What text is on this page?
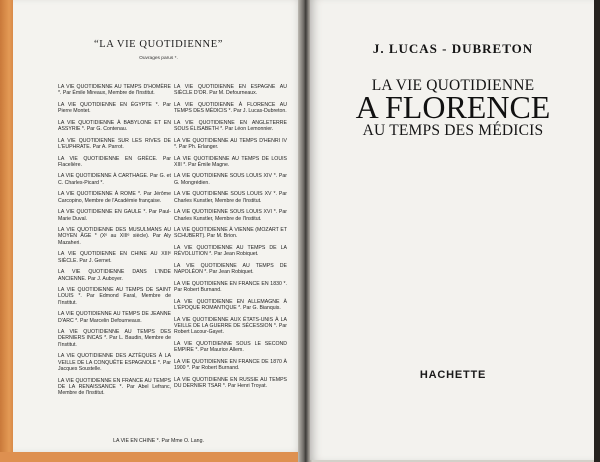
“LA VIE QUOTIDIENNE”
Ouvrages parus *.
LA VIE QUOTIDIENNE AU TEMPS D'HOMÈRE *. Par Émile Mireaux, Membre de l'Institut.
LA VIE QUOTIDIENNE EN ÉGYPTE *. Par Pierre Montet.
LA VIE QUOTIDIENNE À BABYLONE ET EN ASSYRIE *. Par G. Contenau.
LA VIE QUOTIDIENNE SUR LES RIVES DE L'EUPHRATE. Par A. Parrot.
LA VIE QUOTIDIENNE EN GRÈCE. Par Flacelière.
LA VIE QUOTIDIENNE À CARTHAGE. Par G. et C. Charles-Picard *.
LA VIE QUOTIDIENNE À ROME *. Par Jérôme Carcopino, Membre de l'Académie française.
LA VIE QUOTIDIENNE EN GAULE *. Par Paul-Marie Duval.
LA VIE QUOTIDIENNE DES MUSULMANS AU MOYEN ÂGE * (Xᵉ au XIIIᵉ siècle). Par Aly Mazaheri.
LA VIE QUOTIDIENNE EN CHINE AU XIIIᵉ SIÈCLE. Par J. Gernet.
LA VIE QUOTIDIENNE DANS L'INDE ANCIENNE. Par J. Auboyer.
LA VIE QUOTIDIENNE AU TEMPS DE SAINT LOUIS *. Par Edmond Faral, Membre de l'Institut.
LA VIE QUOTIDIENNE AU TEMPS DE JEANNE D'ARC *. Par Marcelin Defourneaux.
LA VIE QUOTIDIENNE AU TEMPS DES DERNIERS INCAS *. Par L. Baudin, Membre de l'Institut.
LA VIE QUOTIDIENNE DES AZTÈQUES À LA VEILLE DE LA CONQUÊTE ESPAGNOLE *. Par Jacques Soustelle.
LA VIE QUOTIDIENNE EN FRANCE AU TEMPS DE LA RENAISSANCE *. Par Abel Lefranc, Membre de l'Institut.
LA VIE QUOTIDIENNE EN ESPAGNE AU SIÈCLE D'OR. Par M. Defourneaux.
LA VIE QUOTIDIENNE À FLORENCE AU TEMPS DES MÉDICIS *. Par J. Lucas-Dubreton.
LA VIE QUOTIDIENNE EN ANGLETERRE SOUS ÉLISABETH *. Par Léon Lemonnier.
LA VIE QUOTIDIENNE AU TEMPS D'HENRI IV *. Par Ph. Erlanger.
LA VIE QUOTIDIENNE AU TEMPS DE LOUIS XIII *. Par Émile Magne.
LA VIE QUOTIDIENNE SOUS LOUIS XIV *. Par G. Mongrédien.
LA VIE QUOTIDIENNE SOUS LOUIS XV *. Par Charles Kunstler, Membre de l'Institut.
LA VIE QUOTIDIENNE SOUS LOUIS XVI *. Par Charles Kunstler, Membre de l'Institut.
LA VIE QUOTIDIENNE À VIENNE (MOZART ET SCHUBERT). Par M. Brion.
LA VIE QUOTIDIENNE AU TEMPS DE LA RÉVOLUTION *. Par Jean Robiquet.
LA VIE QUOTIDIENNE AU TEMPS DE NAPOLÉON *. Par Jean Robiquet.
LA VIE QUOTIDIENNE EN FRANCE EN 1830 *. Par Robert Burnand.
LA VIE QUOTIDIENNE EN ALLEMAGNE À L'ÉPOQUE ROMANTIQUE *. Par G. Bianquis.
LA VIE QUOTIDIENNE AUX ÉTATS-UNIS À LA VEILLE DE LA GUERRE DE SÉCESSION *. Par Robert Lacour-Gayet.
LA VIE QUOTIDIENNE SOUS LE SECOND EMPIRE *. Par Maurice Allem.
LA VIE QUOTIDIENNE EN FRANCE DE 1870 À 1900 *. Par Robert Burnand.
LA VIE QUOTIDIENNE EN RUSSIE AU TEMPS DU DERNIER TSAR *. Par Henri Troyat.
LA VIE EN CHINE *. Par Mme O. Lang.
J. LUCAS - DUBRETON
LA VIE QUOTIDIENNE
A FLORENCE
AU TEMPS DES MÉDICIS
HACHETTE
